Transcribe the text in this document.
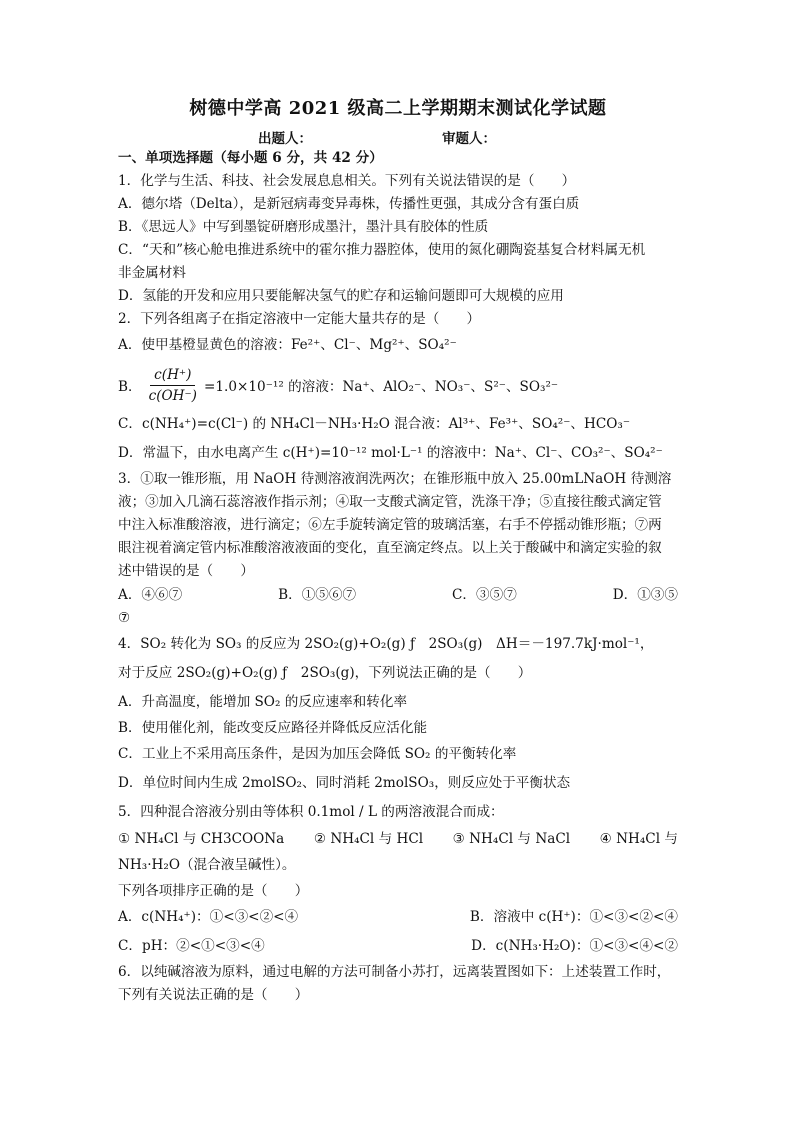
树德中学高 2021 级高二上学期期末测试化学试题
出题人：	审题人：
一、单项选择题（每小题 6 分，共 42 分）
1．化学与生活、科技、社会发展息息相关。下列有关说法错误的是（　　）
A．德尔塔（Delta），是新冠病毒变异毒株，传播性更强，其成分含有蛋白质
B．《思远人》中写到墨锭研磨形成墨汁，墨汁具有胶体的性质
C．“天和”核心舱电推进系统中的霍尔推力器腔体，使用的氮化硼陶瓷基复合材料属无机
非金属材料
D．氢能的开发和应用只要能解决氢气的贮存和运输问题即可大规模的应用
2．下列各组离子在指定溶液中一定能大量共存的是（　　）
A．使甲基橙显黄色的溶液：Fe²⁺、Cl⁻、Mg²⁺、SO₄²⁻
B． $\frac{c(H^+)}{c(OH^-)} =1.0\times 10^{-12}$ 的溶液：Na⁺、AlO₂⁻、NO₃⁻、S²⁻、SO₃²⁻
C．c(NH₄⁺)=c(Cl⁻) 的 NH₄Cl－NH₃·H₂O 混合液：Al³⁺、Fe³⁺、SO₄²⁻、HCO₃⁻
D．常温下，由水电离产生 c(H⁺)=10⁻¹² mol·L⁻¹ 的溶液中：Na⁺、Cl⁻、CO₃²⁻、SO₄²⁻
3．①取一锥形瓶，用 NaOH 待测溶液润洗两次；在锥形瓶中放入 25.00mLNaOH 待测溶
液；③加入几滴石蕊溶液作指示剂；④取一支酸式滴定管，洗涤干净；⑤直接往酸式滴定管
中注入标准酸溶液，进行滴定；⑥左手旋转滴定管的玻璃活塞，右手不停摇动锥形瓶；⑦两
眼注视着滴定管内标准酸溶液液面的变化，直至滴定终点。以上关于酸碱中和滴定实验的叙
述中错误的是（　　）
A．④⑥⑦	B．①⑤⑥⑦	C．③⑤⑦	D．①③⑤
⑦
4．SO₂ 转化为 SO₃ 的反应为 2SO₂(g)+O₂(g) ƒ　2SO₃(g)　ΔH＝－197.7kJ·mol⁻¹，
对于反应 2SO₂(g)+O₂(g) ƒ　2SO₃(g)，下列说法正确的是（　　）
A．升高温度，能增加 SO₂ 的反应速率和转化率
B．使用催化剂，能改变反应路径并降低反应活化能
C．工业上不采用高压条件，是因为加压会降低 SO₂ 的平衡转化率
D．单位时间内生成 2molSO₂、同时消耗 2molSO₃，则反应处于平衡状态
5．四种混合溶液分别由等体积 0.1mol / L 的两溶液混合而成：
① NH₄Cl 与 CH3COONa ② NH₄Cl 与 HCl ③ NH₄Cl 与 NaCl ④ NH₄Cl 与
NH₃·H₂O（混合液呈碱性）。
下列各项排序正确的是（　　）
A．c(NH₄⁺)：①<③<②<④	B．溶液中 c(H⁺)：①<③<②<④
C．pH：②<①<③<④	D．c(NH₃·H₂O)：①<③<④<②
6．以纯碱溶液为原料，通过电解的方法可制备小苏打，远离装置图如下：上述装置工作时，
下列有关说法正确的是（　　）
